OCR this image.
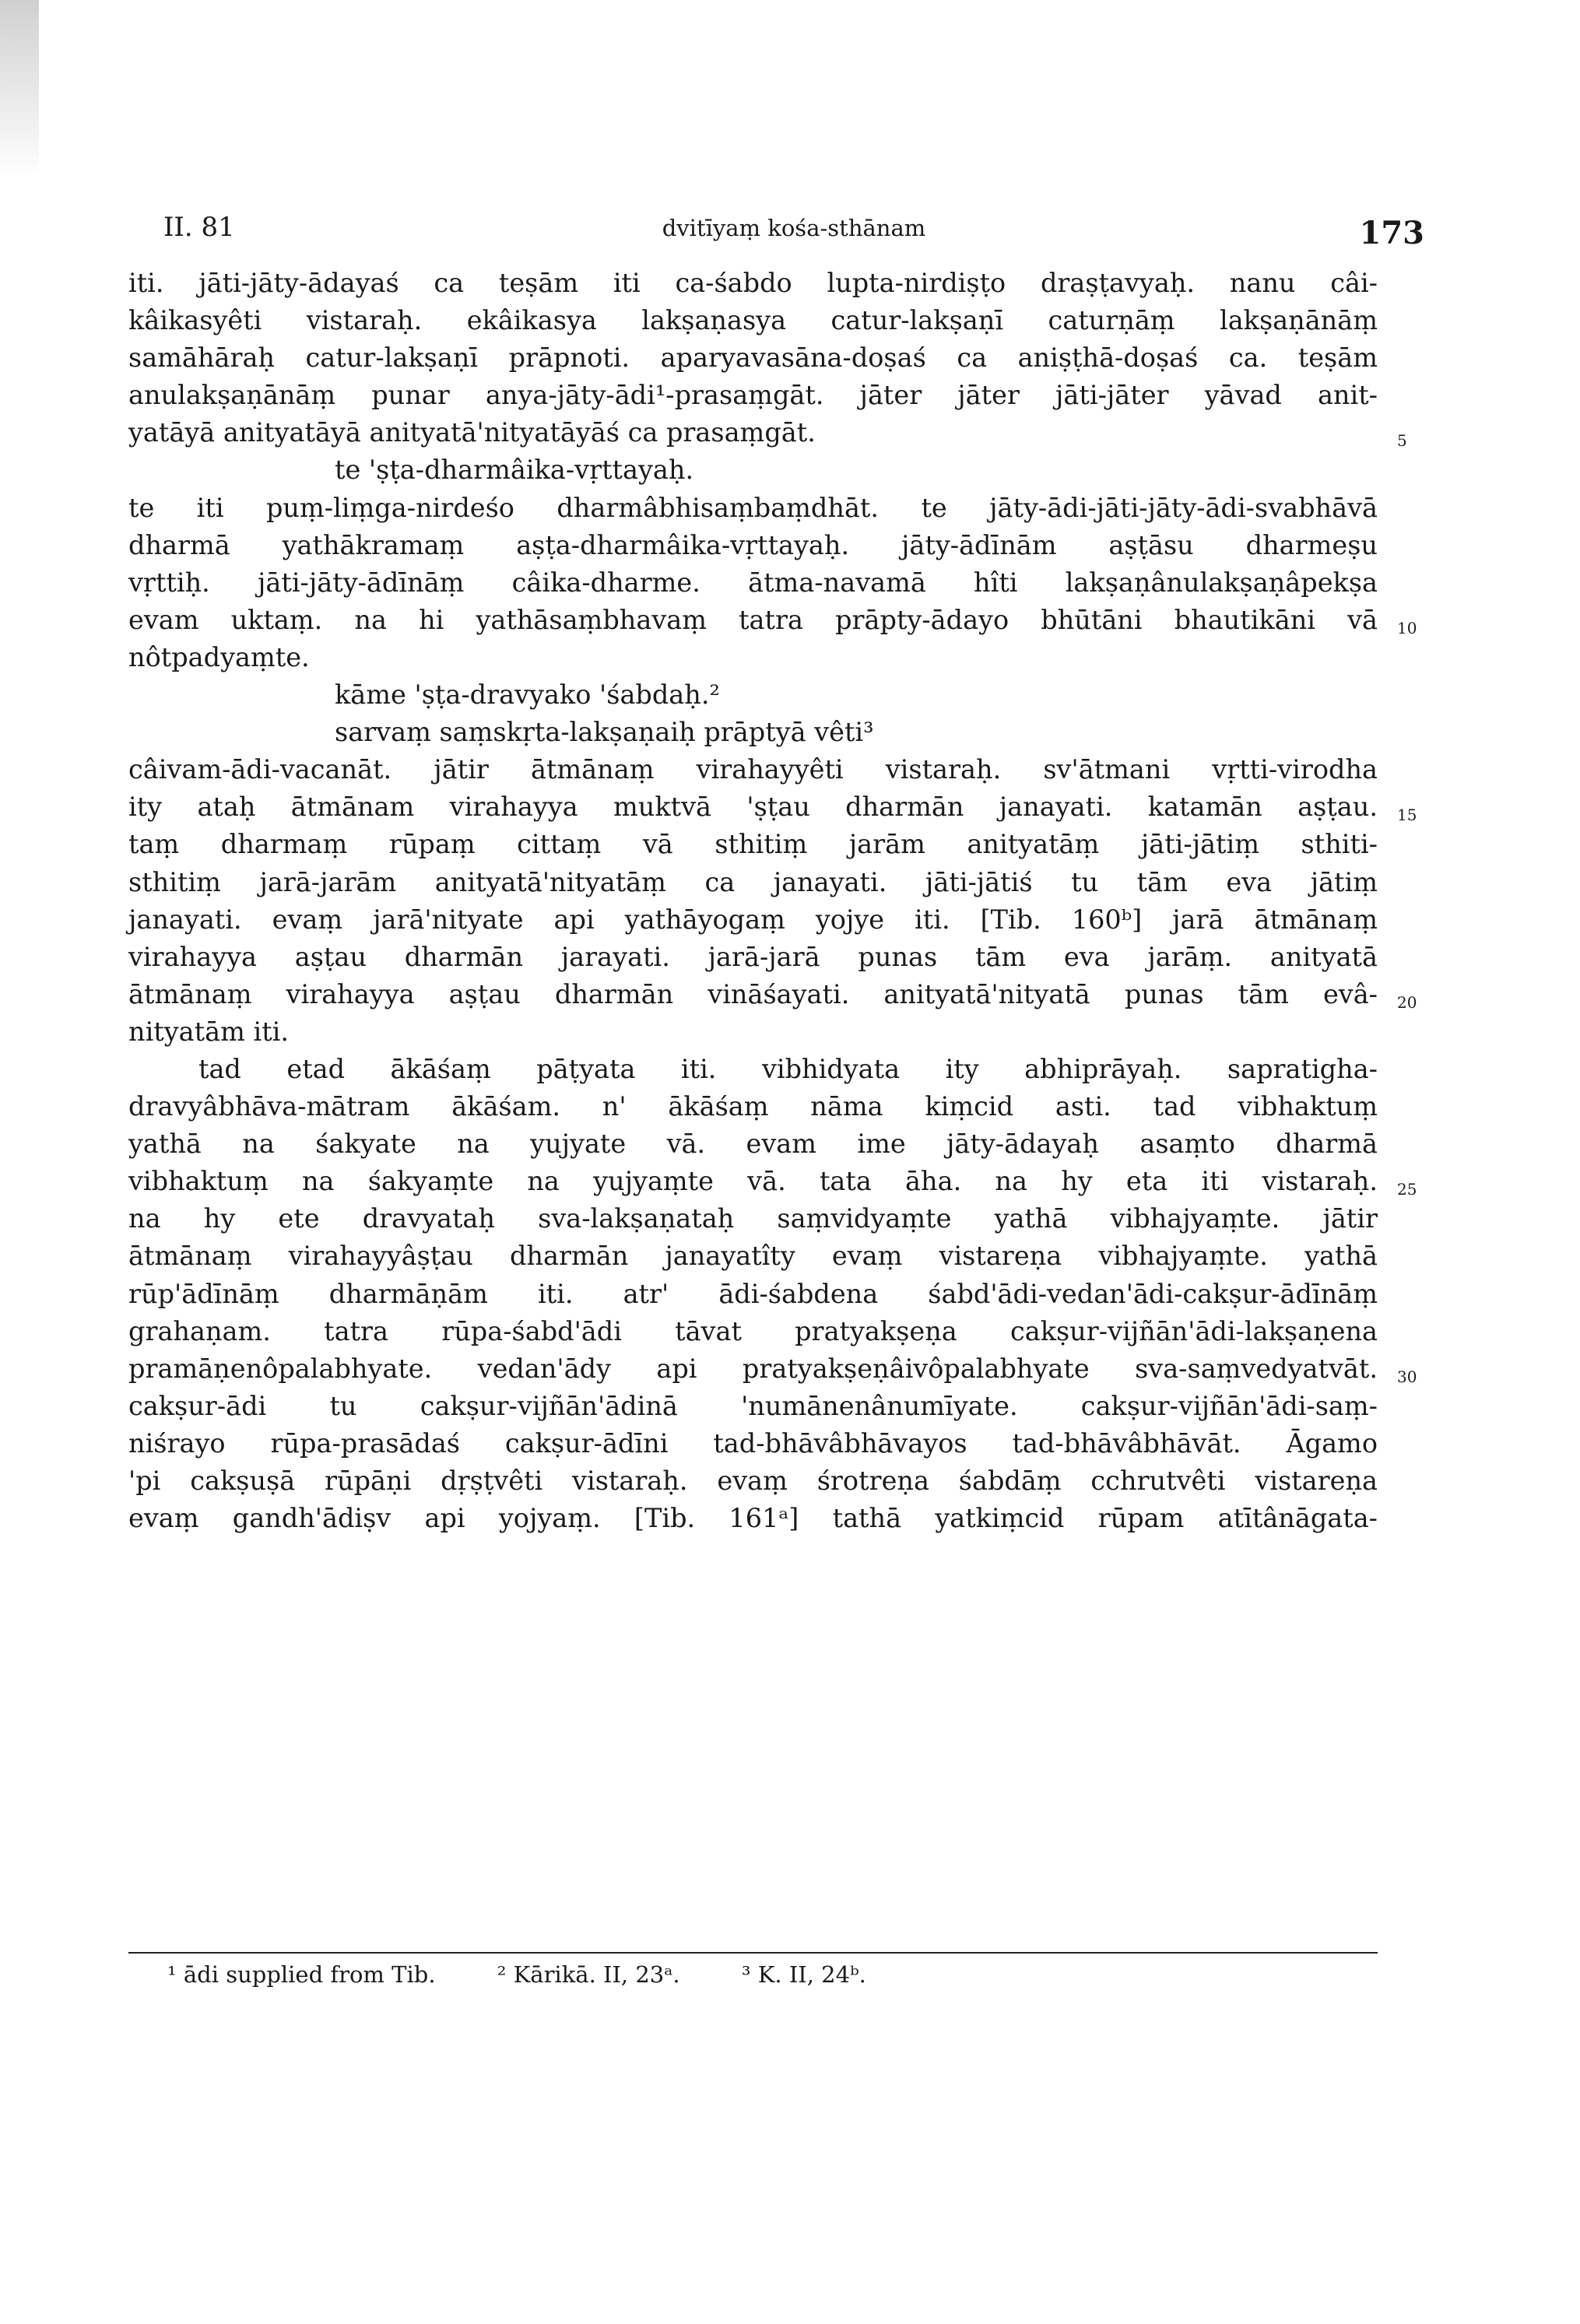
II. 81	dvitīyaṃ kośa-sthānam	173
iti. jāti-jāty-ādayaś ca teṣām iti ca-śabdo lupta-nirdiṣṭo draṣṭavyaḥ. nanu câi-
kâikasyêti vistaraḥ. ekâikasya lakṣaṇasya catur-lakṣaṇī caturṇāṃ lakṣaṇānāṃ
samāhāraḥ catur-lakṣaṇī prāpnoti. aparyavasāna-doṣaś ca aniṣṭhā-doṣaś ca. teṣām
anulakṣaṇānāṃ punar anya-jāty-ādi¹-prasaṃgāt. jāter jāter jāti-jāter yāvad anit-
yatāyā anityatāyā anityatā'nityatāyāś ca prasaṃgāt.	5
te 'ṣṭa-dharmâika-vṛttayaḥ.
te iti puṃ-liṃga-nirdeśo dharmâbhisaṃbaṃdhāt. te jāty-ādi-jāti-jāty-ādi-svabhāvā
dharmā yathākramaṃ aṣṭa-dharmâika-vṛttayaḥ. jāty-ādīnām aṣṭāsu dharmeṣu
vṛttiḥ. jāti-jāty-ādīnāṃ câika-dharme. ātma-navamā hîti lakṣaṇânulakṣaṇâpekṣa
evam uktaṃ. na hi yathāsaṃbhavaṃ tatra prāpty-ādayo bhūtāni bhautikāni vā 10
nôtpadyaṃte.
kāme 'ṣṭa-dravyako 'śabdaḥ.²
sarvaṃ saṃskṛta-lakṣaṇaiḥ prāptyā vêti³
câivam-ādi-vacanāt. jātir ātmānaṃ virahayyêti vistaraḥ. sv'ātmani vṛtti-virodha
ity ataḥ ātmānam virahayya muktvā 'ṣṭau dharmān janayati. katamān aṣṭau. 15
taṃ dharmaṃ rūpaṃ cittaṃ vā sthitiṃ jarām anityatāṃ jāti-jātiṃ sthiti-
sthitiṃ jarā-jarām anityatā'nityatāṃ ca janayati. jāti-jātiś tu tām eva jātiṃ
janayati. evaṃ jarā'nityate api yathāyogaṃ yojye iti. [Tib. 160ᵇ] jarā ātmānaṃ
virahayya aṣṭau dharmān jarayati. jarā-jarā punas tām eva jarāṃ. anityatā
ātmānaṃ virahayya aṣṭau dharmān vināśayati. anityatā'nityatā punas tām evâ- 20
nityatām iti.
tad etad ākāśaṃ pāṭyata iti. vibhidyata ity abhiprāyaḥ. sapratigha-
dravyâbhāva-mātram ākāśam. n' ākāśaṃ nāma kiṃcid asti. tad vibhaktuṃ
yathā na śakyate na yujyate vā. evam ime jāty-ādayaḥ asaṃto dharmā
vibhaktuṃ na śakyaṃte na yujyaṃte vā. tata āha. na hy eta iti vistaraḥ. 25
na hy ete dravyataḥ sva-lakṣaṇataḥ saṃvidyaṃte yathā vibhajyaṃte. jātir
ātmānaṃ virahayyâṣṭau dharmān janayatîty evaṃ vistareṇa vibhajyaṃte. yathā
rūp'ādīnāṃ dharmāṇām iti. atr' ādi-śabdena śabd'ādi-vedan'ādi-cakṣur-ādīnāṃ
grahaṇam. tatra rūpa-śabd'ādi tāvat pratyakṣeṇa cakṣur-vijñān'ādi-lakṣaṇena
pramāṇenôpalabhyate. vedan'ādy api pratyakṣeṇâivôpalabhyate sva-saṃvedyatvāt. 30
cakṣur-ādi tu cakṣur-vijñān'ādinā 'numānenânumīyate. cakṣur-vijñān'ādi-saṃ-
niśrayo rūpa-prasādaś cakṣur-ādīni tad-bhāvâbhāvayos tad-bhāvâbhāvāt. Āgamo
'pi cakṣuṣā rūpāṇi dṛṣṭvêti vistaraḥ. evaṃ śrotreṇa śabdāṃ cchrutvêti vistareṇa
evaṃ gandh'ādiṣv api yojyaṃ. [Tib. 161ᵃ] tathā yatkiṃcid rūpam atītânāgata-
¹ ādi supplied from Tib.	² Kārikā. II, 23ᵃ.	³ K. II, 24ᵇ.
